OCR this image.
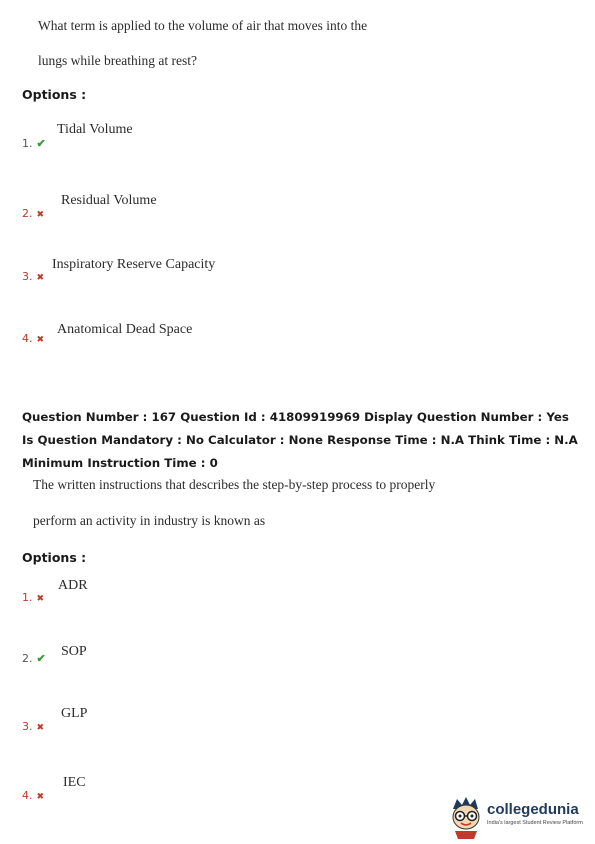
What term is applied to the volume of air that moves into the
lungs while breathing at rest?
Options :
1. ✔
Tidal Volume
2. ✖
Residual Volume
3. ✖
Inspiratory Reserve Capacity
4. ✖
Anatomical Dead Space
Question Number : 167 Question Id : 41809919969 Display Question Number : Yes Is Question Mandatory : No Calculator : None Response Time : N.A Think Time : N.A Minimum Instruction Time : 0
The written instructions that describes the step-by-step process to properly
perform an activity in industry is known as
Options :
1. ✖
ADR
2. ✔ SOP
3. ✖
GLP
4. ✖
IEC
collegedunia
India's largest Student Review Platform
